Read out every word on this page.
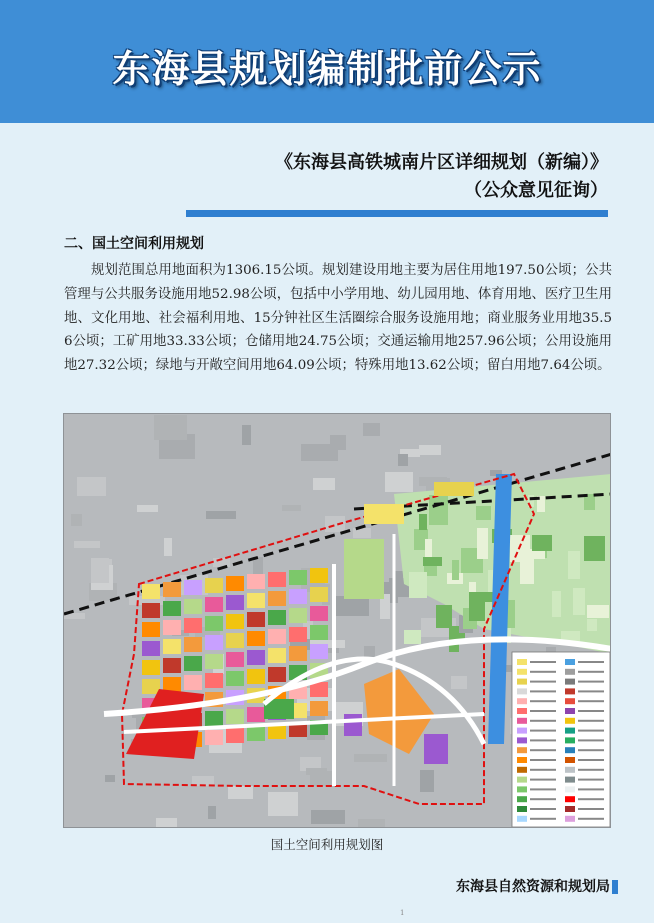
东海县规划编制批前公示
《东海县高铁城南片区详细规划（新编）》
（公众意见征询）
二、国土空间利用规划
规划范围总用地面积为1306.15公顷。规划建设用地主要为居住用地197.50公顷；公共管理与公共服务设施用地52.98公顷，包括中小学用地、幼儿园用地、体育用地、医疗卫生用地、文化用地、社会福利用地、15分钟社区生活圈综合服务设施用地；商业服务业用地35.56公顷；工矿用地33.33公顷；仓储用地24.75公顷；交通运输用地257.96公顷；公用设施用地27.32公顷；绿地与开敞空间用地64.09公顷；特殊用地13.62公顷；留白用地7.64公顷。
国土空间利用规划图
东海县自然资源和规划局
1
